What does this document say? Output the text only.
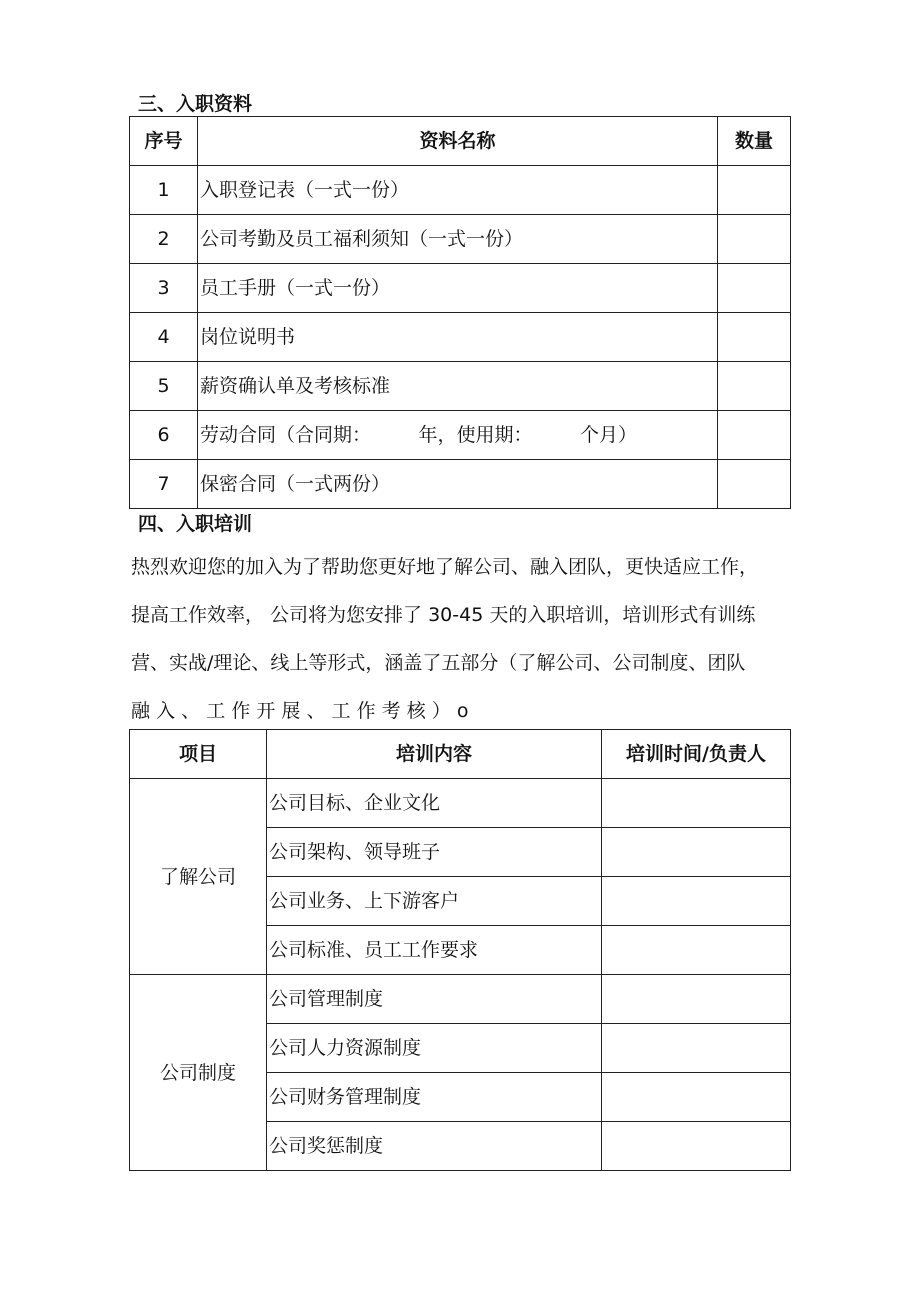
三、入职资料
序号	资料名称	数量
1	入职登记表（一式一份）	
2	公司考勤及员工福利须知（一式一份）	
3	员工手册（一式一份）	
4	岗位说明书	
5	薪资确认单及考核标准	
6	劳动合同（合同期：　　　年，使用期：　　　个月）	
7	保密合同（一式两份）	
四、入职培训
热烈欢迎您的加入为了帮助您更好地了解公司、融入团队，更快适应工作，
提高工作效率， 公司将为您安排了 30-45 天的入职培训，培训形式有训练
营、实战/理论、线上等形式，涵盖了五部分（了解公司、公司制度、团队
融 入 、 工 作 开 展 、 工 作 考 核 ） o
项目	培训内容	培训时间/负责人
了解公司	公司目标、企业文化	
	公司架构、领导班子	
	公司业务、上下游客户	
	公司标准、员工工作要求	
公司制度	公司管理制度	
	公司人力资源制度	
	公司财务管理制度	
	公司奖惩制度	
